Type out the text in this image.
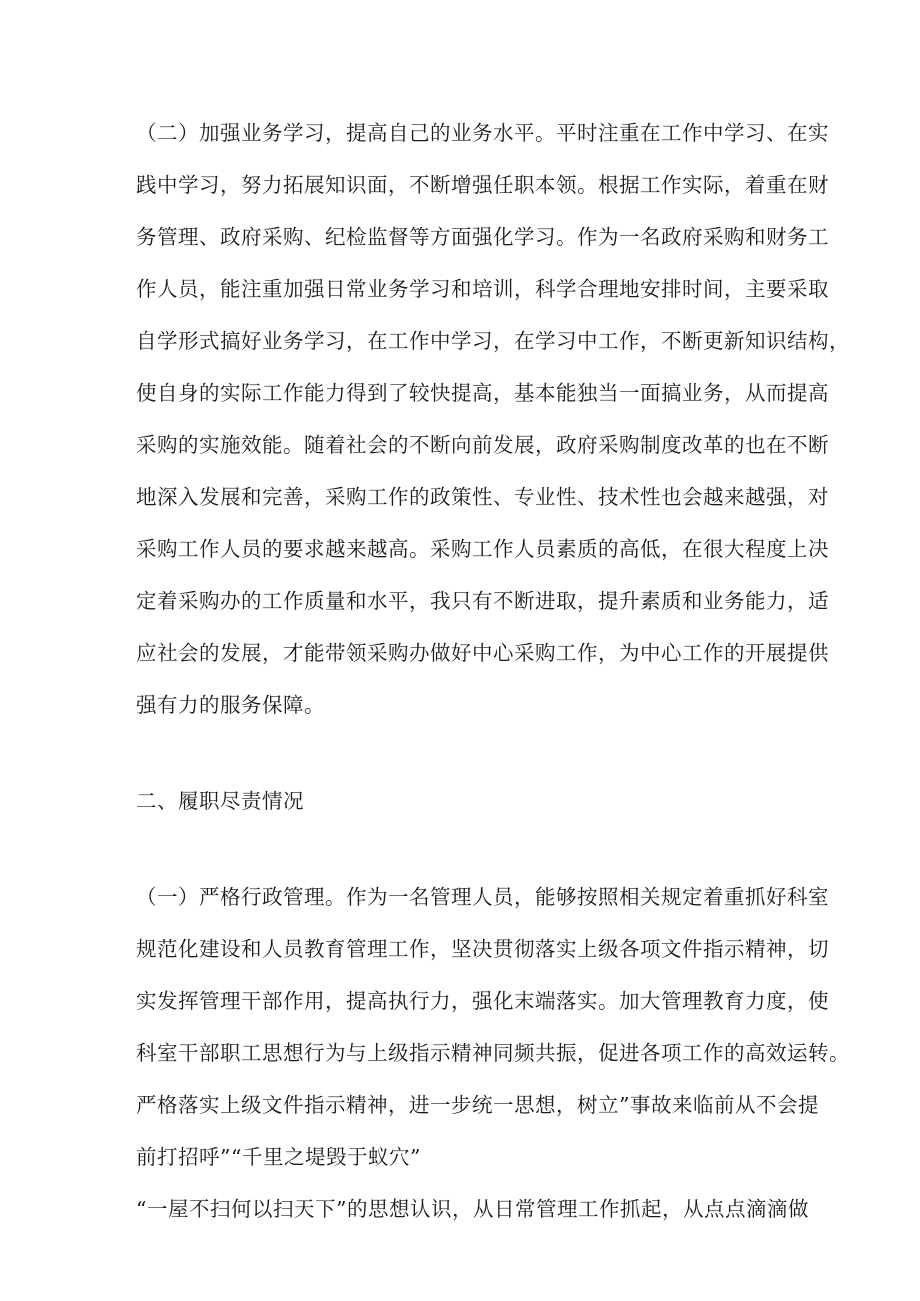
（二）加强业务学习，提高自己的业务水平。平时注重在工作中学习、在实
践中学习，努力拓展知识面，不断增强任职本领。根据工作实际，着重在财
务管理、政府采购、纪检监督等方面强化学习。作为一名政府采购和财务工
作人员，能注重加强日常业务学习和培训，科学合理地安排时间，主要采取
自学形式搞好业务学习，在工作中学习，在学习中工作，不断更新知识结构，
使自身的实际工作能力得到了较快提高，基本能独当一面搞业务，从而提高
采购的实施效能。随着社会的不断向前发展，政府采购制度改革的也在不断
地深入发展和完善，采购工作的政策性、专业性、技术性也会越来越强，对
采购工作人员的要求越来越高。采购工作人员素质的高低，在很大程度上决
定着采购办的工作质量和水平，我只有不断进取，提升素质和业务能力，适
应社会的发展，才能带领采购办做好中心采购工作，为中心工作的开展提供
强有力的服务保障。
二、履职尽责情况
（一）严格行政管理。作为一名管理人员，能够按照相关规定着重抓好科室
规范化建设和人员教育管理工作，坚决贯彻落实上级各项文件指示精神，切
实发挥管理干部作用，提高执行力，强化末端落实。加大管理教育力度，使
科室干部职工思想行为与上级指示精神同频共振，促进各项工作的高效运转。
严格落实上级文件指示精神，进一步统一思想，树立”事故来临前从不会提
前打招呼”“千里之堤毁于蚁穴”
“一屋不扫何以扫天下”的思想认识，从日常管理工作抓起，从点点滴滴做
